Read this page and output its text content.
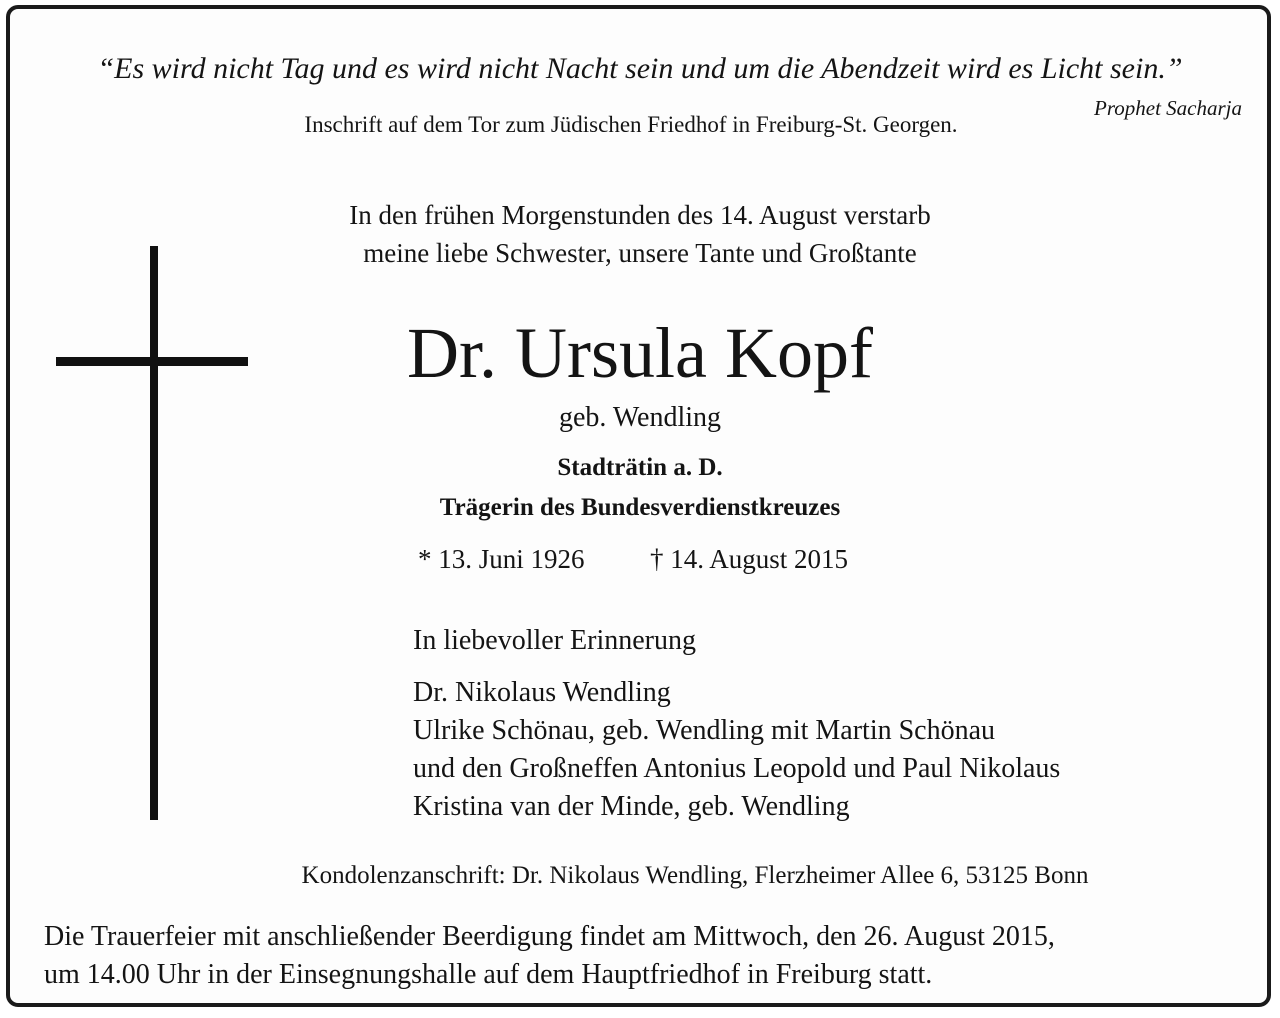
“Es wird nicht Tag und es wird nicht Nacht sein und um die Abendzeit wird es Licht sein.”
Prophet Sacharja
Inschrift auf dem Tor zum Jüdischen Friedhof in Freiburg-St. Georgen.
In den frühen Morgenstunden des 14. August verstarb
meine liebe Schwester, unsere Tante und Großtante
Dr. Ursula Kopf
geb. Wendling
Stadträtin a. D.
Trägerin des Bundesverdienstkreuzes
* 13. Juni 1926 † 14. August 2015
In liebevoller Erinnerung
Dr. Nikolaus Wendling
Ulrike Schönau, geb. Wendling mit Martin Schönau
und den Großneffen Antonius Leopold und Paul Nikolaus
Kristina van der Minde, geb. Wendling
Kondolenzanschrift: Dr. Nikolaus Wendling, Flerzheimer Allee 6, 53125 Bonn
Die Trauerfeier mit anschließender Beerdigung findet am Mittwoch, den 26. August 2015,
um 14.00 Uhr in der Einsegnungshalle auf dem Hauptfriedhof in Freiburg statt.
